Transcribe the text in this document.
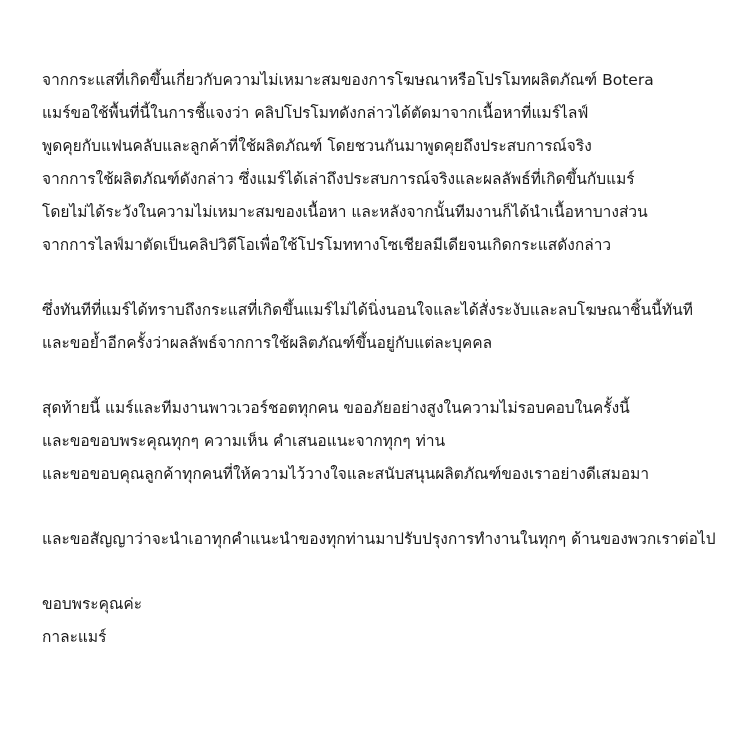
จากกระแสที่เกิดขึ้นเกี่ยวกับความไม่เหมาะสมของการโฆษณาหรือโปรโมทผลิตภัณฑ์ Botera
แมร์ขอใช้พื้นที่นี้ในการชี้แจงว่า คลิปโปรโมทดังกล่าวได้ตัดมาจากเนื้อหาที่แมร์ไลฟ์
พูดคุยกับแฟนคลับและลูกค้าที่ใช้ผลิตภัณฑ์ โดยชวนกันมาพูดคุยถึงประสบการณ์จริง
จากการใช้ผลิตภัณฑ์ดังกล่าว ซึ่งแมร์ได้เล่าถึงประสบการณ์จริงและผลลัพธ์ที่เกิดขึ้นกับแมร์
โดยไม่ได้ระวังในความไม่เหมาะสมของเนื้อหา และหลังจากนั้นทีมงานก็ได้นำเนื้อหาบางส่วน
จากการไลฟ์มาตัดเป็นคลิปวิดีโอเพื่อใช้โปรโมททางโซเชียลมีเดียจนเกิดกระแสดังกล่าว

ซึ่งทันทีที่แมร์ได้ทราบถึงกระแสที่เกิดขึ้นแมร์ไม่ได้นิ่งนอนใจและได้สั่งระงับและลบโฆษณาชิ้นนี้ทันที
และขอย้ำอีกครั้งว่าผลลัพธ์จากการใช้ผลิตภัณฑ์ขึ้นอยู่กับแต่ละบุคคล

สุดท้ายนี้ แมร์และทีมงานพาวเวอร์ชอตทุกคน ขออภัยอย่างสูงในความไม่รอบคอบในครั้งนี้
และขอขอบพระคุณทุกๆ ความเห็น คำเสนอแนะจากทุกๆ ท่าน
และขอขอบคุณลูกค้าทุกคนที่ให้ความไว้วางใจและสนับสนุนผลิตภัณฑ์ของเราอย่างดีเสมอมา

และขอสัญญาว่าจะนำเอาทุกคำแนะนำของทุกท่านมาปรับปรุงการทำงานในทุกๆ ด้านของพวกเราต่อไป

ขอบพระคุณค่ะ
กาละแมร์
